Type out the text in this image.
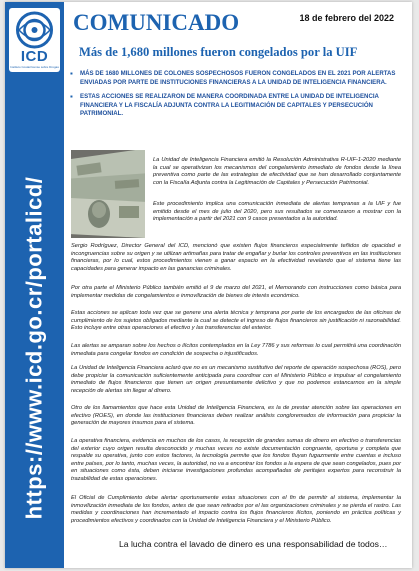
ICD
Instituto Costarricense sobre Drogas
https://www.icd.go.cr/portalicd/
COMUNICADO	18 de febrero del 2022
Más de 1,680 millones fueron congelados por la UIF
▪ MÁS DE 1680 MILLONES DE COLONES SOSPECHOSOS FUERON CONGELADOS EN EL 2021 POR ALERTAS ENVIADAS POR PARTE DE INSTITUCIONES FINANCIERAS A LA UNIDAD DE INTELIGENCIA FINANCIERA.
▪ ESTAS ACCIONES SE REALIZARON DE MANERA COORDINADA ENTRE LA UNIDAD DE INTELIGENCIA FINANCIERA Y LA FISCALÍA ADJUNTA CONTRA LA LEGITIMACIÓN DE CAPITALES Y PERSECUCIÓN PATRIMONIAL.

La Unidad de Inteligencia Financiera emitió la Resolución Administrativa R-UIF-1-2020 mediante la cual se operativizan los mecanismos del congelamiento inmediato de fondos desde la línea preventiva como parte de las estrategias de efectividad que se han desarrollado conjuntamente con la Fiscalía Adjunta contra la Legitimación de Capitales y Persecución Patrimonial.

Este procedimiento implica una comunicación inmediata de alertas tempranas a la UIF y fue emitido desde el mes de julio del 2020, pero sus resultados se comenzaron a mostrar con la implementación a partir del 2021 con 9 casos presentados a la autoridad.

Sergio Rodríguez, Director General del ICD, mencionó que existen flujos financieros especialmente teñidos de opacidad e incongruencias sobre su origen y se utilizan artimañas para tratar de engañar y burlar los controles preventivos en las instituciones financieras, por lo cual, estos procedimientos vienen a ganar espacio en la efectividad revelando que el sistema tiene las capacidades para generar impacto en las ganancias criminales.

Por otra parte el Ministerio Público también emitió el 9 de marzo del 2021, el Memorando con instrucciones como básica para implementar medidas de congelamientos e inmovilización de bienes de interés económico.

Estas acciones se aplican toda vez que se genere una alerta técnica y temprana por parte de los encargados de las oficinas de cumplimiento de los sujetos obligados mediante la cual se detecte el ingreso de flujos financieros sin justificación ni razonabilidad. Esto incluye entre otras operaciones el efectivo y las transferencias del exterior.

Las alertas se amparan sobre los hechos o ilícitos contemplados en la Ley 7786 y sus reformas lo cual permitirá una coordinación inmediata para congelar fondos en condición de sospecha o injustificados.

La Unidad de Inteligencia Financiera aclaró que no es un mecanismo sustitutivo del reporte de operación sospechosa (ROS), pero debe propiciar la comunicación suficientemente anticipada para coordinar con el Ministerio Público e impulsar el congelamiento inmediato de flujos financieros que tienen un origen presuntamente delictivo y que no podemos estancarnos en la simple recepción de alertas sin llegar al dinero.

Otro de los llamamientos que hace esta Unidad de Inteligencia Financiera, es la de prestar atención sobre las operaciones en efectivo (ROES), en donde las instituciones financieras deben realizar análisis congloremados de información para propiciar la generación de mayores insumos para el sistema.

La operativa financiera, evidencia en muchos de los casos, la recepción de grandes sumas de dinero en efectivo o transferencias del exterior cuyo origen resulta desconocido y muchas veces no existe documentación congruente, oportuna y completa que respalde su operativa, junto con estos factores, la tecnología permite que los fondos fluyan fugazmente entre cuentas e incluso entre países, por lo tanto, muchas veces, la autoridad, no va a encontrar los fondos a la espera de que sean congelados, pues por en situaciones como ésta, deben iniciarse investigaciones profundas acompañadas de peritajes expertos para reconstruir la trazabilidad de estas operaciones.

El Oficial de Cumplimiento debe alertar oportunamente estas situaciones con el fin de permitir al sistema, implementar la inmovilización inmediata de los fondos, antes de que sean retirados por el las organizaciones criminales y se pierda el rastro. Las medidas y coordinaciones han incrementado el impacto contra los flujos financieros ilícitos, poniendo en práctica políticas y procedimientos efectivos y coordinados con la Unidad de Inteligencia Financiera y el Ministerio Público.

La lucha contra el lavado de dinero es una responsabilidad de todos…
